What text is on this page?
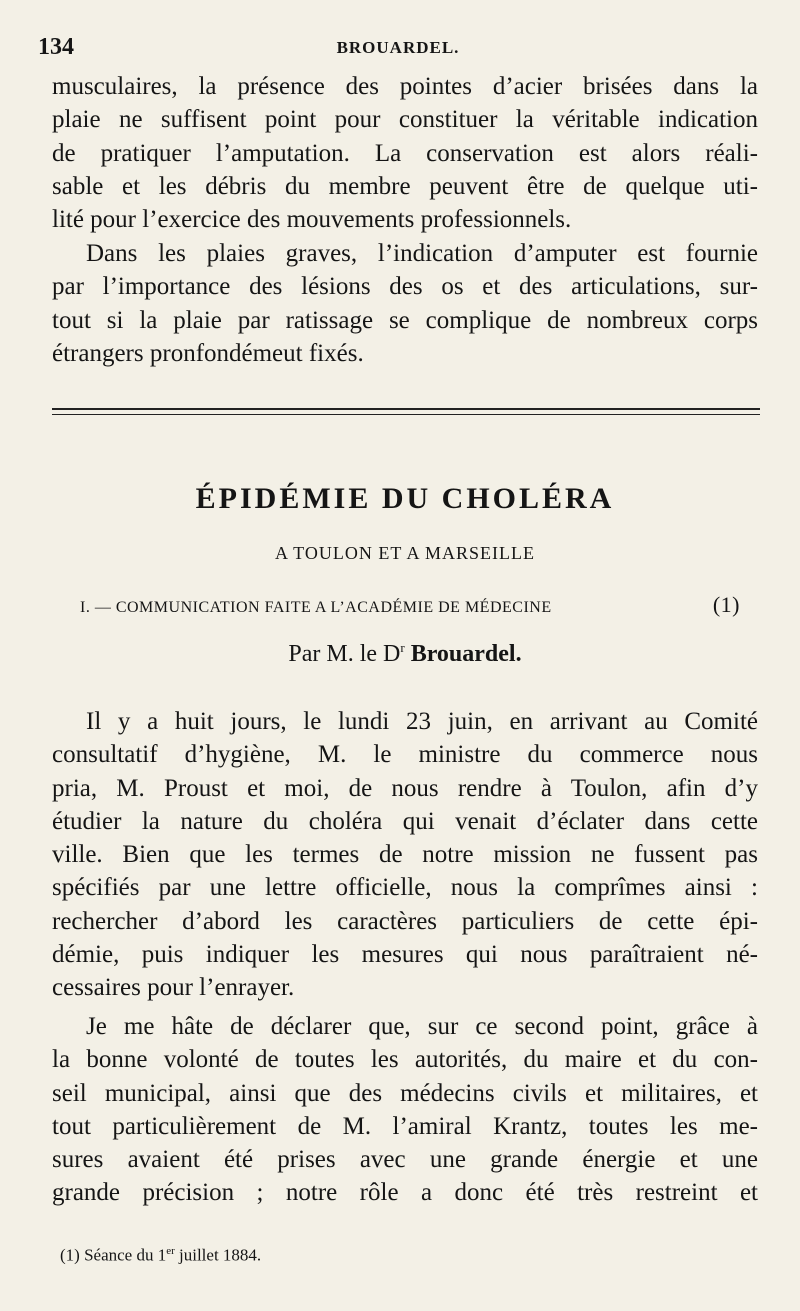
134	BROUARDEL.
musculaires, la présence des pointes d’acier brisées dans la
plaie ne suffisent point pour constituer la véritable indication
de pratiquer l’amputation. La conservation est alors réali-
sable et les débris du membre peuvent être de quelque uti-
lité pour l’exercice des mouvements professionnels.
Dans les plaies graves, l’indication d’amputer est fournie
par l’importance des lésions des os et des articulations, sur-
tout si la plaie par ratissage se complique de nombreux corps
étrangers pronfondémeut fixés.
ÉPIDÉMIE DU CHOLÉRA
A TOULON ET A MARSEILLE
I. — COMMUNICATION FAITE A L’ACADÉMIE DE MÉDECINE	(1)
Par M. le $D^r$ Brouardel.
Il y a huit jours, le lundi 23 juin, en arrivant au Comité
consultatif d’hygiène, M. le ministre du commerce nous
pria, M. Proust et moi, de nous rendre à Toulon, afin d’y
étudier la nature du choléra qui venait d’éclater dans cette
ville. Bien que les termes de notre mission ne fussent pas
spécifiés par une lettre officielle, nous la comprîmes ainsi :
rechercher d’abord les caractères particuliers de cette épi-
démie, puis indiquer les mesures qui nous paraîtraient né-
cessaires pour l’enrayer.
Je me hâte de déclarer que, sur ce second point, grâce à
la bonne volonté de toutes les autorités, du maire et du con-
seil municipal, ainsi que des médecins civils et militaires, et
tout particulièrement de M. l’amiral Krantz, toutes les me-
sures avaient été prises avec une grande énergie et une
grande précision ; notre rôle a donc été très restreint et
(1) Séance du 1er juillet 1884.
